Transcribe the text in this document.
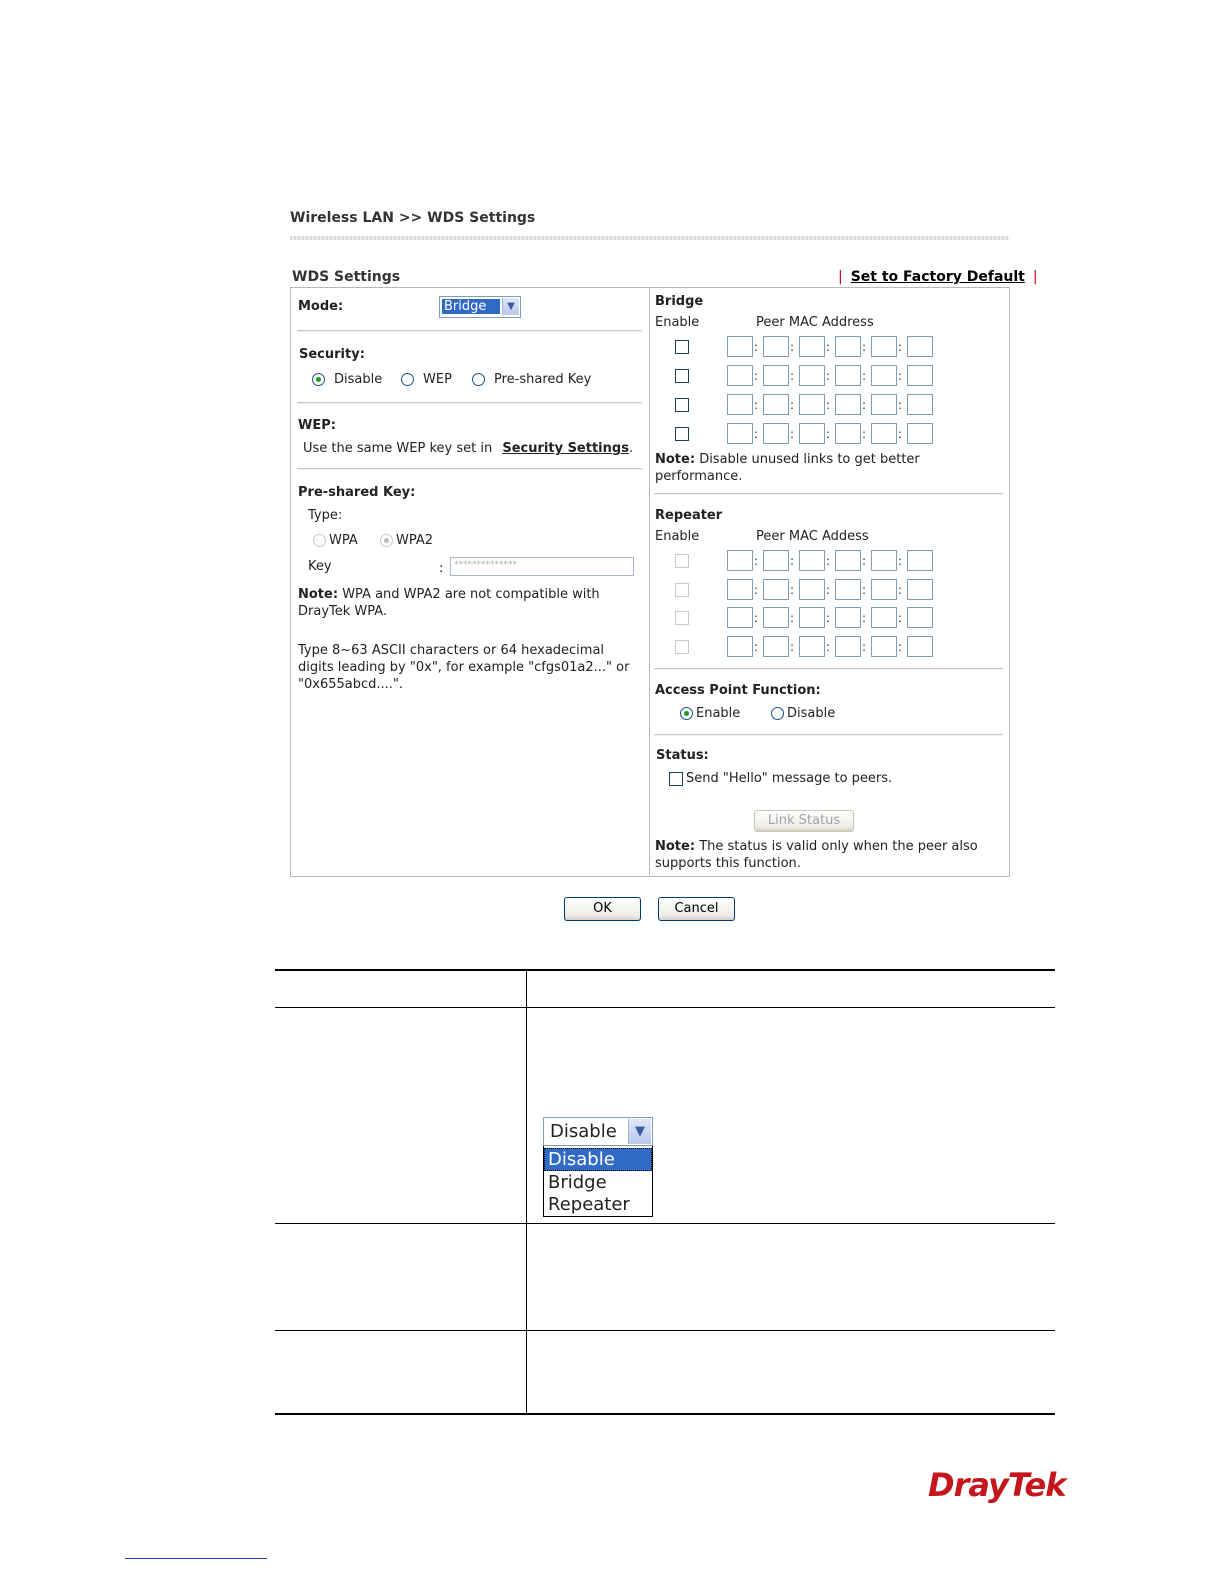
Wireless LAN >> WDS Settings
WDS Settings	| Set to Factory Default |
Mode:	Bridge	▼
Security:
Disable	WEP	Pre-shared Key
WEP:
Use the same WEP key set in Security Settings.
Pre-shared Key:
Type:
WPA	WPA2
Key	:	**************
Note: WPA and WPA2 are not compatible with
DrayTek WPA.
Type 8~63 ASCII characters or 64 hexadecimal
digits leading by "0x", for example "cfgs01a2..." or
"0x655abcd....".
Bridge
Enable	Peer MAC Address
:	:	:	:	:
:	:	:	:	:
:	:	:	:	:
:	:	:	:	:
Note: Disable unused links to get better
performance.
Repeater
Enable	Peer MAC Addess
:	:	:	:	:
:	:	:	:	:
:	:	:	:	:
:	:	:	:	:
Access Point Function:
Enable	Disable
Status:
Send "Hello" message to peers.
Link Status
Note: The status is valid only when the peer also
supports this function.
OK	Cancel
Disable	▼
Disable
Bridge
Repeater
DrayTek
